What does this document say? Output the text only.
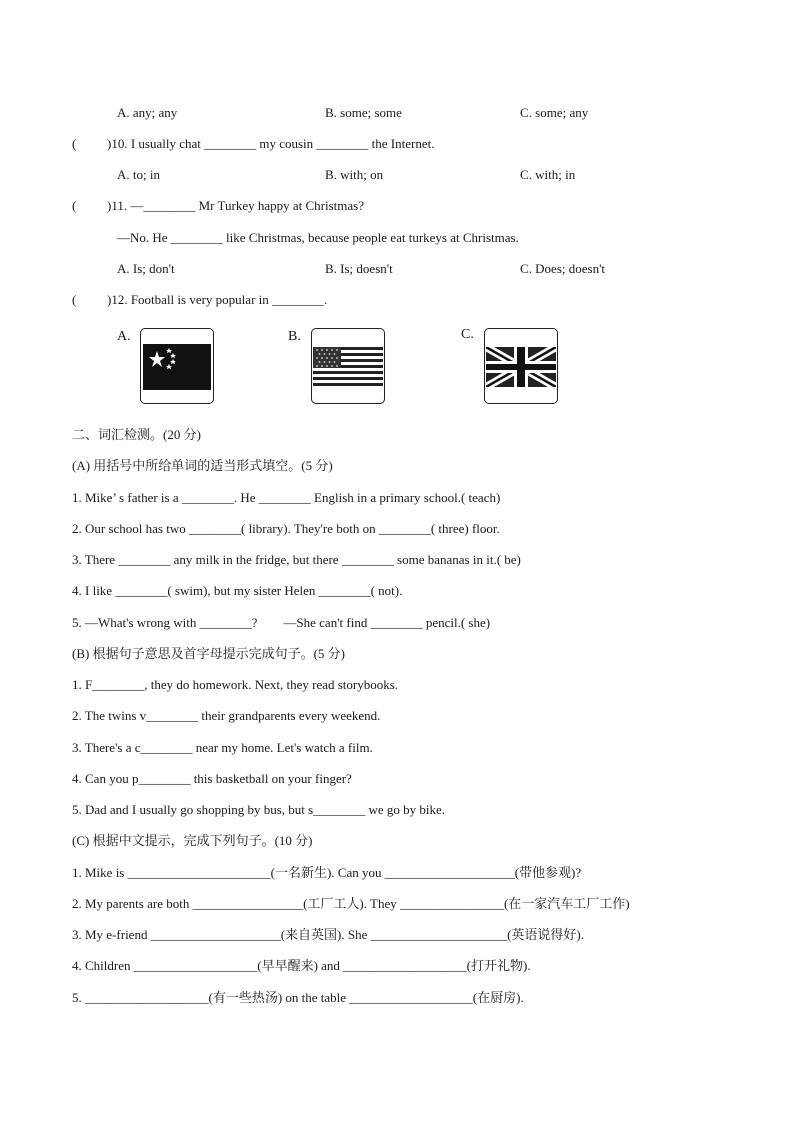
A. any; any	B. some; some	C. some; any
( )10. I usually chat ________ my cousin ________ the Internet.
A. to; in	B. with; on	C. with; in
( )11. —________ Mr Turkey happy at Christmas?
—No. He ________ like Christmas, because people eat turkeys at Christmas.
A. Is; don't	B. Is; doesn't	C. Does; doesn't
( )12. Football is very popular in ________.
A.	B.	C.
二、词汇检测。(20 分)
(A) 用括号中所给单词的适当形式填空。(5 分)
1. Mike’ s father is a ________. He ________ English in a primary school.( teach)
2. Our school has two ________( library). They're both on ________( three) floor.
3. There ________ any milk in the fridge, but there ________ some bananas in it.( be)
4. I like ________( swim), but my sister Helen ________( not).
5. —What's wrong with ________?        —She can't find ________ pencil.( she)
(B) 根据句子意思及首字母提示完成句子。(5 分)
1. F________, they do homework. Next, they read storybooks.
2. The twins v________ their grandparents every weekend.
3. There's a c________ near my home. Let's watch a film.
4. Can you p________ this basketball on your finger?
5. Dad and I usually go shopping by bus, but s________ we go by bike.
(C) 根据中文提示，完成下列句子。(10 分)
1. Mike is ______________________(一名新生). Can you ____________________(带他参观)?
2. My parents are both _________________(工厂工人). They ________________(在一家汽车工厂工作)
3. My e-friend ____________________(来自英国). She _____________________(英语说得好).
4. Children ___________________(早早醒来) and ___________________(打开礼物).
5. ___________________(有一些热汤) on the table ___________________(在厨房).
